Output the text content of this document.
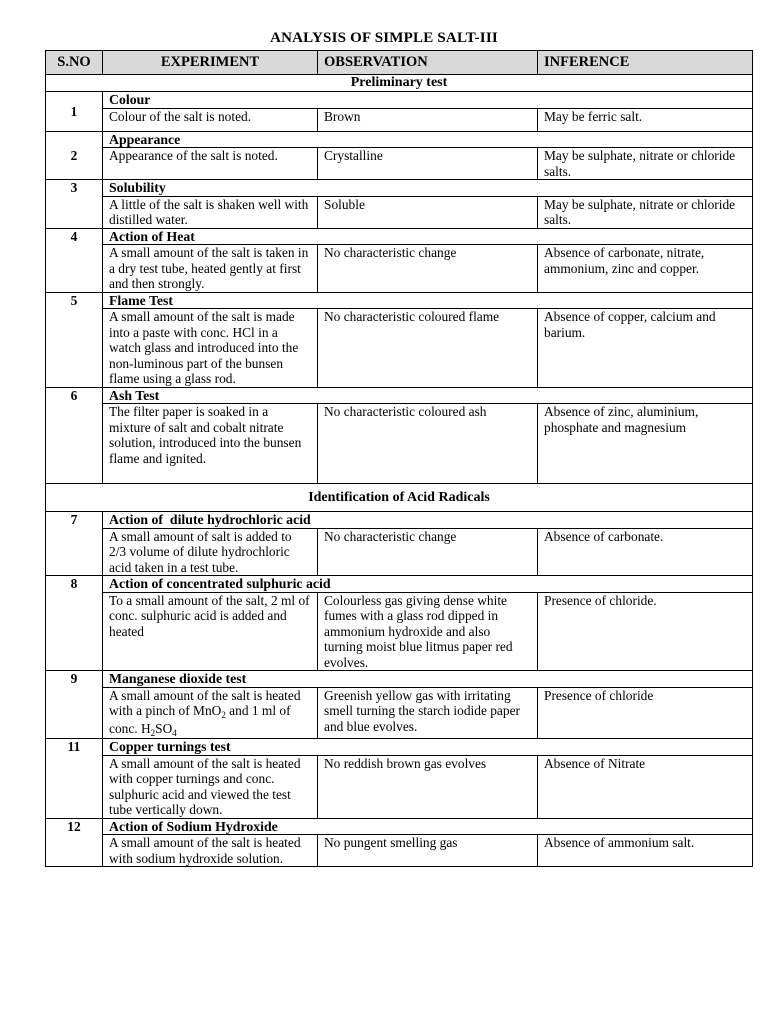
ANALYSIS OF SIMPLE SALT-III
S.NO	EXPERIMENT	OBSERVATION	INFERENCE
Preliminary test			
1	Colour		
	Colour of the salt is noted.	Brown	May be ferric salt.
2	Appearance		
	Appearance of the salt is noted.	Crystalline	May be sulphate, nitrate or chloride salts.
3	Solubility		
	A little of the salt is shaken well with distilled water.	Soluble	May be sulphate, nitrate or chloride salts.
4	Action of Heat		
	A small amount of the salt is taken in a dry test tube, heated gently at first and then strongly.	No characteristic change	Absence of carbonate, nitrate, ammonium, zinc and copper.
5	Flame Test		
	A small amount of the salt is made into a paste with conc. HCl in a watch glass and introduced into the non-luminous part of the bunsen flame using a glass rod.	No characteristic coloured flame	Absence of copper, calcium and barium.
6	Ash Test		
	The filter paper is soaked in a mixture of salt and cobalt nitrate solution, introduced into the bunsen flame and ignited.	No characteristic coloured ash	Absence of zinc, aluminium, phosphate and magnesium
Identification of Acid Radicals			
7	Action of  dilute hydrochloric acid		
	A small amount of salt is added to 2/3 volume of dilute hydrochloric acid taken in a test tube.	No characteristic change	Absence of carbonate.
8	Action of concentrated sulphuric acid		
	To a small amount of the salt, 2 ml of conc. sulphuric acid is added and heated	Colourless gas giving dense white fumes with a glass rod dipped in ammonium hydroxide and also turning moist blue litmus paper red evolves.	Presence of chloride.
9	Manganese dioxide test		
	A small amount of the salt is heated with a pinch of MnO$_2$ and 1 ml of conc. $H_2SO_4$	Greenish yellow gas with irritating smell turning the starch iodide paper and blue evolves.	Presence of chloride
11	Copper turnings test		
	A small amount of the salt is heated with copper turnings and conc. sulphuric acid and viewed the test tube vertically down.	No reddish brown gas evolves	Absence of Nitrate
12	Action of Sodium Hydroxide		
	A small amount of the salt is heated with sodium hydroxide solution.	No pungent smelling gas	Absence of ammonium salt.
